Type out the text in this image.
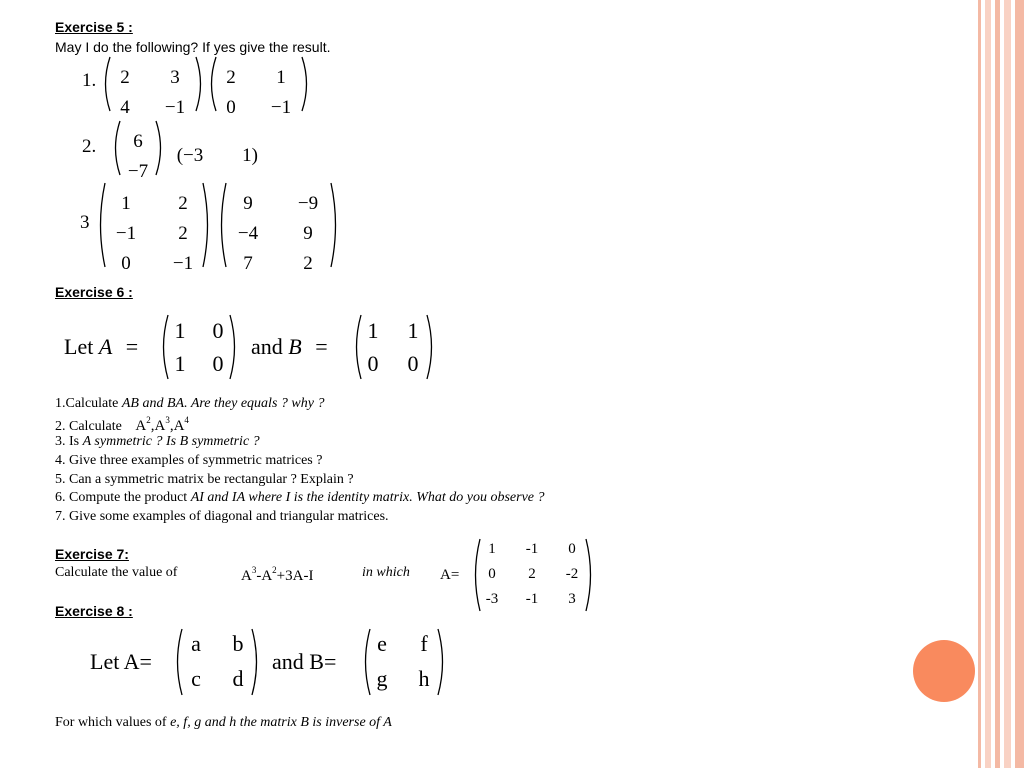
Exercise 5 :
May I do the following? If yes give the result.
1.	2	3
4	−1
2	1
0	−1
2.	6
−7
(−3	1)
3
1	2
−1	2
0	−1
9	−9
−4	9
7	2
Exercise 6 :
Let A =
1	0
1	0
and B =
1	1
0	0
1.Calculate AB and BA. Are they equals ? why ?
2. Calculate $A^2,A^3,A^4$
3. Is A symmetric ? Is B symmetric ?
4. Give three examples of symmetric matrices ?
5. Can a symmetric matrix be rectangular ? Explain ?
6. Compute the product AI and IA where I is the identity matrix. What do you observe ?
7. Give some examples of diagonal and triangular matrices.
Exercise 7:
Calculate the value of	$A^3-A^2+3A-I$	in which A=
1	-1	0
0	2	-2
-3	-1	3
Exercise 8 :
Let A=
a	b
c	d
and B=
e	f
g	h
For which values of e, f, g and h the matrix B is inverse of A
